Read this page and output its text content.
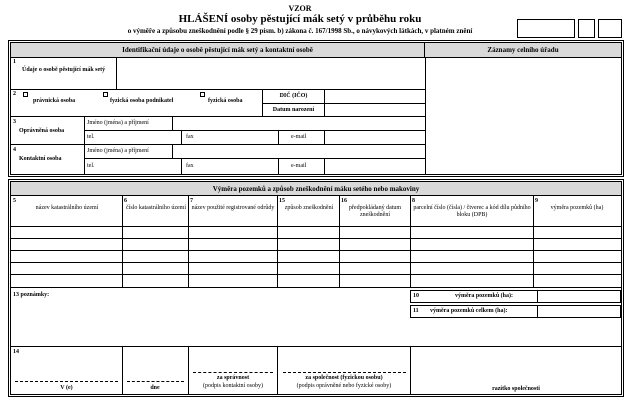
VZOR
HLÁŠENÍ osoby pěstující mák setý v průběhu roku
o výměře a způsobu zneškodnění podle § 29 písm. b) zákona č. 167/1998 Sb., o návykových látkách, v platném znění
Identifikační údaje o osobě pěstující mák setý a kontaktní osobě	Záznamy celního úřadu
1
Údaje o osobě pěstující mák setý
2
právnická osoba	fyzická osoba podnikatel	fyzická osoba
DIČ (IČO)
Datum narození
3
Oprávněná osoba
Jméno (jména) a příjmení
tel.	fax	e-mail
4
Kontaktní osoba
Jméno (jména) a příjmení
tel.	fax	e-mail
Výměra pozemků a způsob zneškodnění máku setého nebo makoviny
5
název katastrálního území
6
číslo katastrálního území
7
název použité registrované odrůdy
15
způsob zneškodnění
16
předpokládaný datum zneškodnění
8
parcelní číslo (čísla) / čtverec a kód dílu půdního bloku (DPB)
9
výměra pozemků (ha)
13 poznámky:	10	výměra pozemků (ha):
11 výměra pozemků celkem (ha):
14
V (e)	dne
za správnost
(podpis kontaktní osoby)
za společnost (fyzickou osobu)
(podpis oprávněné nebo fyzické osoby)	razítko společnosti
